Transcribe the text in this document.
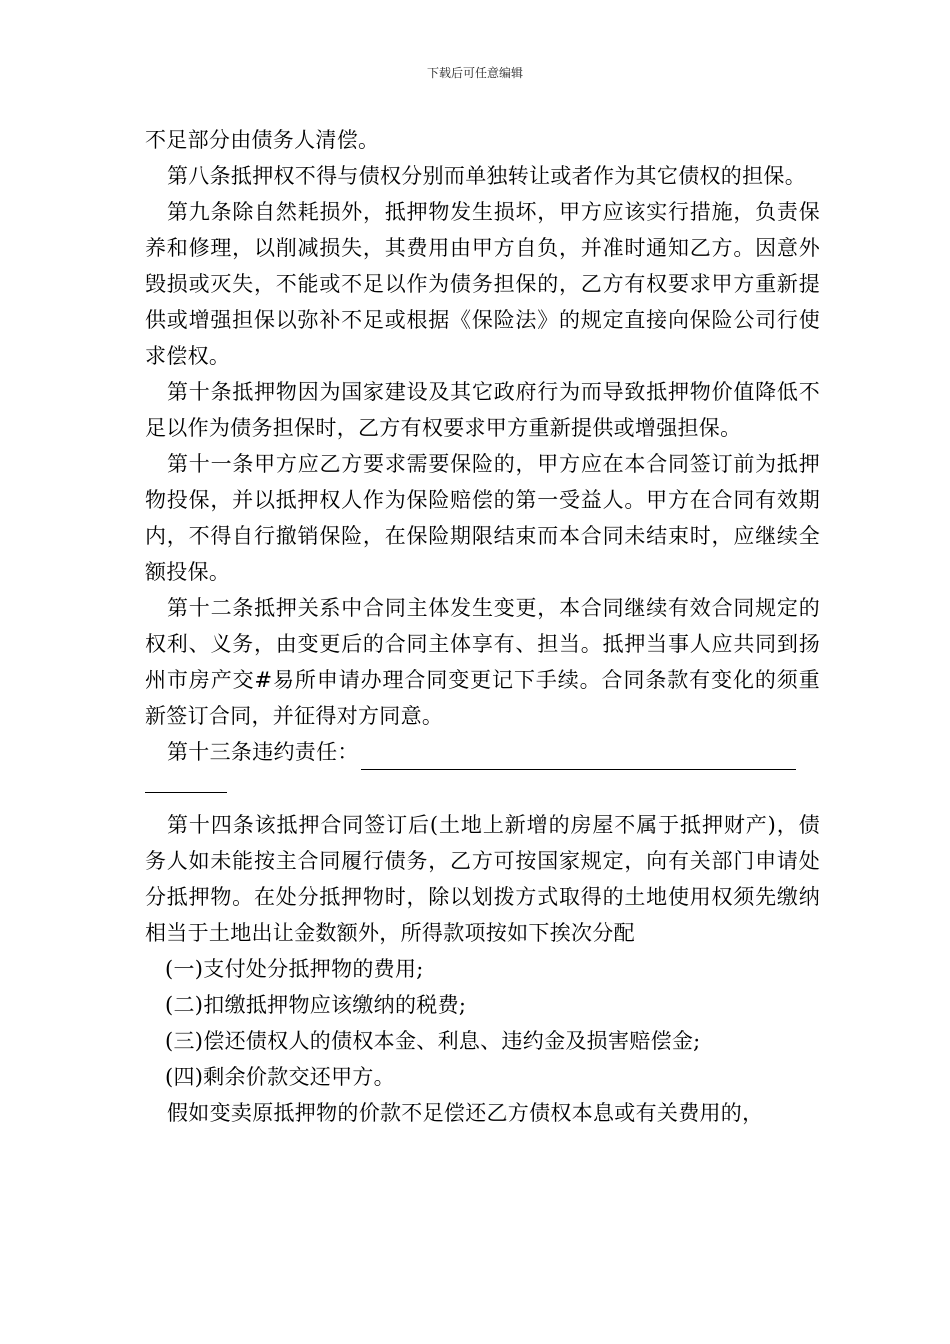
下载后可任意编辑

不足部分由债务人清偿。

第八条抵押权不得与债权分别而单独转让或者作为其它债权的担保。

第九条除自然耗损外，抵押物发生损坏，甲方应该实行措施，负责保养和修理，以削减损失，其费用由甲方自负，并准时通知乙方。因意外毁损或灭失，不能或不足以作为债务担保的，乙方有权要求甲方重新提供或增强担保以弥补不足或根据《保险法》的规定直接向保险公司行使求偿权。

第十条抵押物因为国家建设及其它政府行为而导致抵押物价值降低不足以作为债务担保时，乙方有权要求甲方重新提供或增强担保。

第十一条甲方应乙方要求需要保险的，甲方应在本合同签订前为抵押物投保，并以抵押权人作为保险赔偿的第一受益人。甲方在合同有效期内，不得自行撤销保险，在保险期限结束而本合同未结束时，应继续全额投保。

第十二条抵押关系中合同主体发生变更，本合同继续有效合同规定的权利、义务，由变更后的合同主体享有、担当。抵押当事人应共同到扬州市房产交#易所申请办理合同变更记下手续。合同条款有变化的须重新签订合同，并征得对方同意。

第十三条违约责任：

第十四条该抵押合同签订后(土地上新增的房屋不属于抵押财产)，债务人如未能按主合同履行债务，乙方可按国家规定，向有关部门申请处分抵押物。在处分抵押物时，除以划拨方式取得的土地使用权须先缴纳相当于土地出让金数额外，所得款项按如下挨次分配

(一)支付处分抵押物的费用;

(二)扣缴抵押物应该缴纳的税费;

(三)偿还债权人的债权本金、利息、违约金及损害赔偿金;

(四)剩余价款交还甲方。

假如变卖原抵押物的价款不足偿还乙方债权本息或有关费用的，
